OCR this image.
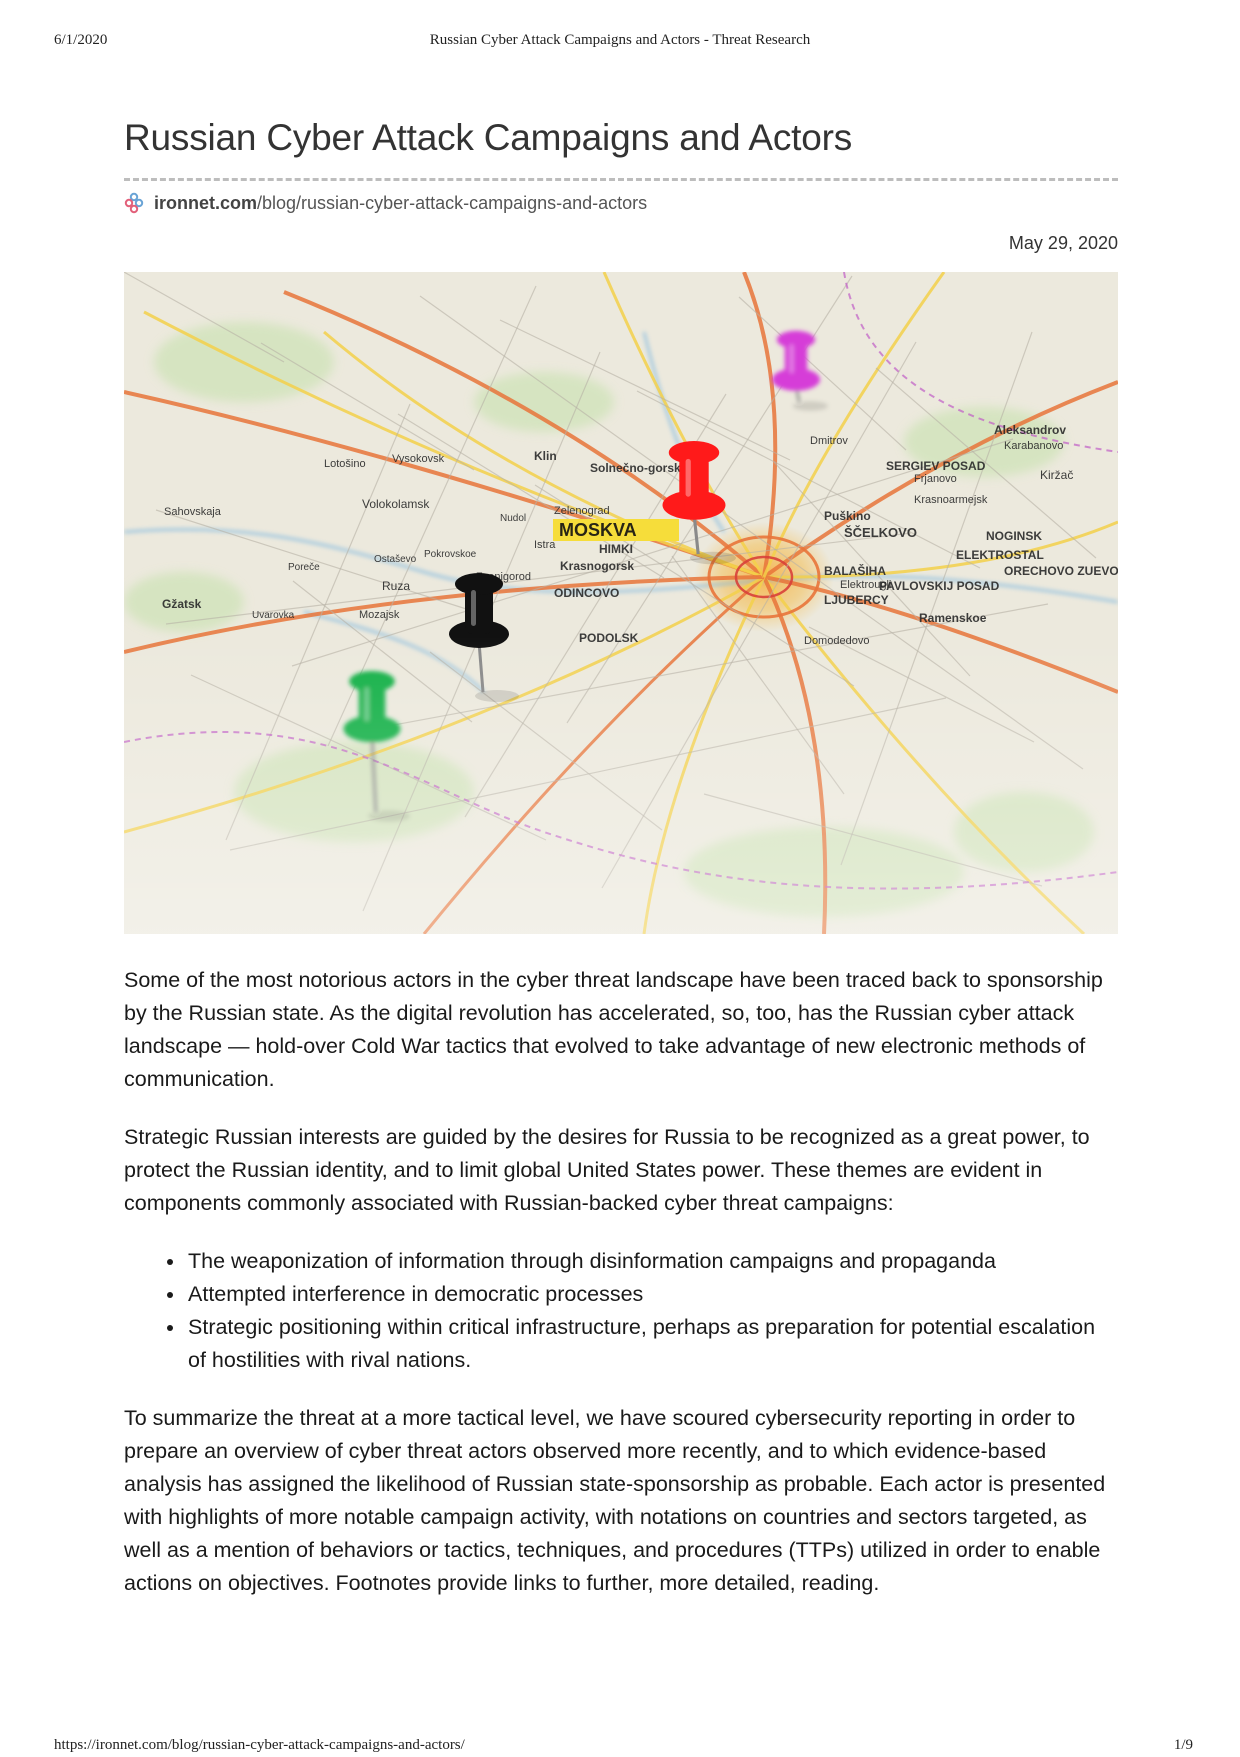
6/1/2020	Russian Cyber Attack Campaigns and Actors - Threat Research
Russian Cyber Attack Campaigns and Actors
ironnet.com /blog/russian-cyber-attack-campaigns-and-actors
May 29, 2020

Some of the most notorious actors in the cyber threat landscape have been traced back to sponsorship by the Russian state. As the digital revolution has accelerated, so, too, has the Russian cyber attack landscape — hold-over Cold War tactics that evolved to take advantage of new electronic methods of communication.

Strategic Russian interests are guided by the desires for Russia to be recognized as a great power, to protect the Russian identity, and to limit global United States power. These themes are evident in components commonly associated with Russian-backed cyber threat campaigns:

• The weaponization of information through disinformation campaigns and propaganda
• Attempted interference in democratic processes
• Strategic positioning within critical infrastructure, perhaps as preparation for potential escalation of hostilities with rival nations.

To summarize the threat at a more tactical level, we have scoured cybersecurity reporting in order to prepare an overview of cyber threat actors observed more recently, and to which evidence-based analysis has assigned the likelihood of Russian state-sponsorship as probable. Each actor is presented with highlights of more notable campaign activity, with notations on countries and sectors targeted, as well as a mention of behaviors or tactics, techniques, and procedures (TTPs) utilized in order to enable actions on objectives. Footnotes provide links to further, more detailed, reading.

https://ironnet.com/blog/russian-cyber-attack-campaigns-and-actors/	1/9
